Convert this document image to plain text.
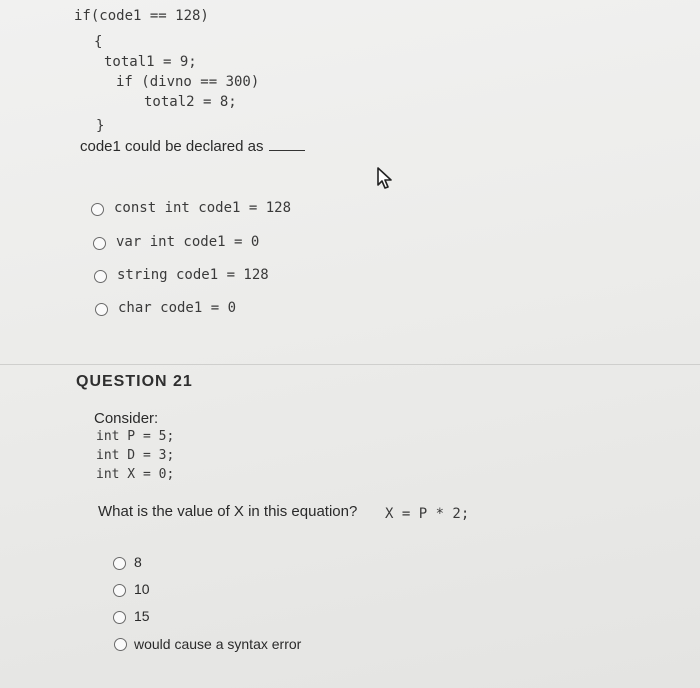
if(code1 == 128)
{
total1 = 9;
if (divno == 300)
total2 = 8;
}
code1 could be declared as
const int code1 = 128
var int code1 = 0
string code1 = 128
char code1 = 0
QUESTION 21
Consider:
int P = 5;
int D = 3;
int X = 0;
What is the value of X in this equation? X = P * 2;
8
10
15
would cause a syntax error
